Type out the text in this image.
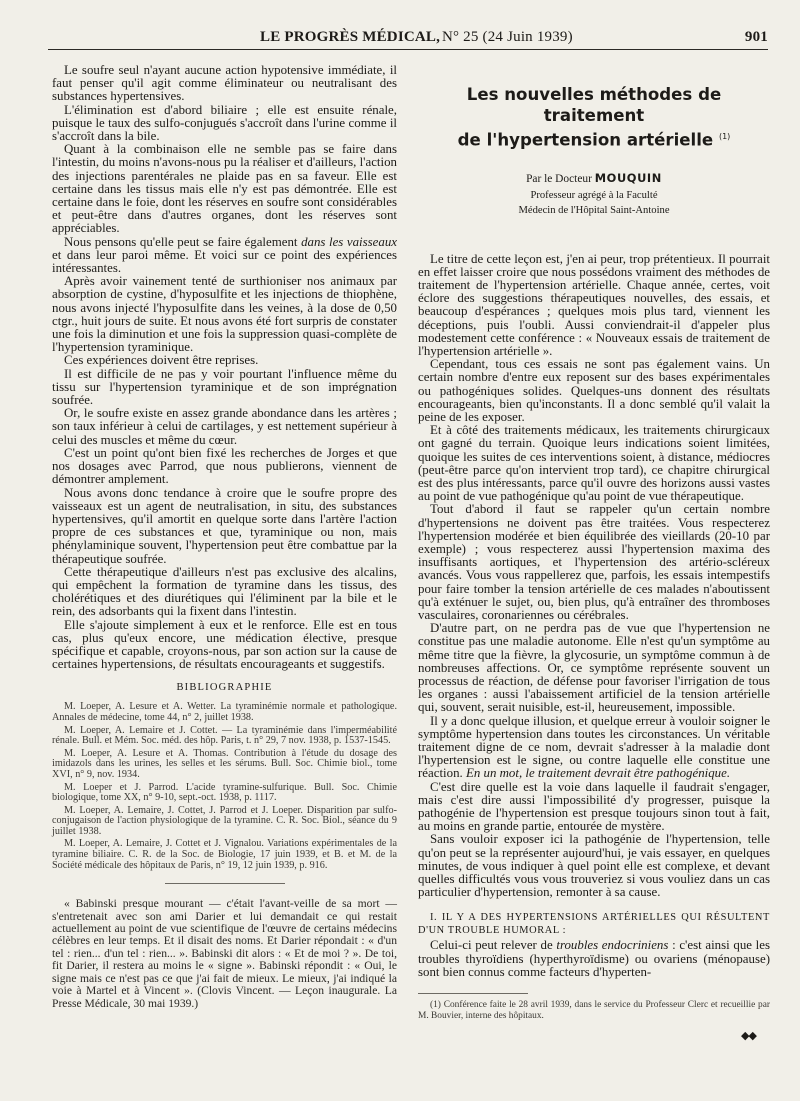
LE PROGRÈS MÉDICAL, N° 25 (24 Juin 1939)	901

Le soufre seul n'ayant aucune action hypotensive immédiate, il faut penser qu'il agit comme éliminateur ou neutralisant des substances hypertensives.

L'élimination est d'abord biliaire ; elle est ensuite rénale, puisque le taux des sulfo-conjugués s'accroît dans l'urine comme il s'accroît dans la bile.

Quant à la combinaison elle ne semble pas se faire dans l'intestin, du moins n'avons-nous pu la réaliser et d'ailleurs, l'action des injections parentérales ne plaide pas en sa faveur. Elle est certaine dans les tissus mais elle n'y est pas démontrée. Elle est certaine dans le foie, dont les réserves en soufre sont considérables et peut-être dans d'autres organes, dont les réserves sont appréciables.

Nous pensons qu'elle peut se faire également dans les vaisseaux et dans leur paroi même. Et voici sur ce point des expériences intéressantes.

Après avoir vainement tenté de surthioniser nos animaux par absorption de cystine, d'hyposulfite et les injections de thiophène, nous avons injecté l'hyposulfite dans les veines, à la dose de 0,50 ctgr., huit jours de suite. Et nous avons été fort surpris de constater une fois la diminution et une fois la suppression quasi-complète de l'hypertension tyraminique.

Ces expériences doivent être reprises.

Il est difficile de ne pas y voir pourtant l'influence même du tissu sur l'hypertension tyraminique et de son imprégnation soufrée.

Or, le soufre existe en assez grande abondance dans les artères ; son taux inférieur à celui de cartilages, y est nettement supérieur à celui des muscles et même du cœur.

C'est un point qu'ont bien fixé les recherches de Jorges et que nos dosages avec Parrod, que nous publierons, viennent de démontrer amplement.

Nous avons donc tendance à croire que le soufre propre des vaisseaux est un agent de neutralisation, in situ, des substances hypertensives, qu'il amortit en quelque sorte dans l'artère l'action propre de ces substances et que, tyraminique ou non, mais phénylaminique souvent, l'hypertension peut être combattue par la thérapeutique soufrée.

Cette thérapeutique d'ailleurs n'est pas exclusive des alcalins, qui empêchent la formation de tyramine dans les tissus, des cholérétiques et des diurétiques qui l'éliminent par la bile et le rein, des adsorbants qui la fixent dans l'intestin.

Elle s'ajoute simplement à eux et le renforce. Elle est en tous cas, plus qu'eux encore, une médication élective, presque spécifique et capable, croyons-nous, par son action sur la cause de certaines hypertensions, de résultats encourageants et suggestifs.

BIBLIOGRAPHIE

M. Loeper, A. Lesure et A. Wetter. La tyraminémie normale et pathologique. Annales de médecine, tome 44, n° 2, juillet 1938.

M. Loeper, A. Lemaire et J. Cottet. — La tyraminémie dans l'imperméabilité rénale. Bull. et Mém. Soc. méd. des hôp. Paris, t. n° 29, 7 nov. 1938, p. 1537-1545.

M. Loeper, A. Lesure et A. Thomas. Contribution à l'étude du dosage des imidazols dans les urines, les selles et les sérums. Bull. Soc. Chimie biol., tome XVI, n° 9, nov. 1934.

M. Loeper et J. Parrod. L'acide tyramine-sulfurique. Bull. Soc. Chimie biologique, tome XX, n° 9-10, sept.-oct. 1938, p. 1117.

M. Loeper, A. Lemaire, J. Cottet, J. Parrod et J. Loeper. Disparition par sulfo-conjugaison de l'action physiologique de la tyramine. C. R. Soc. Biol., séance du 9 juillet 1938.

M. Loeper, A. Lemaire, J. Cottet et J. Vignalou. Variations expérimentales de la tyramine biliaire. C. R. de la Soc. de Biologie, 17 juin 1939, et B. et M. de la Société médicale des hôpitaux de Paris, n° 19, 12 juin 1939, p. 916.

« Babinski presque mourant — c'était l'avant-veille de sa mort — s'entretenait avec son ami Darier et lui demandait ce qui restait actuellement au point de vue scientifique de l'œuvre de certains médecins célèbres en leur temps. Et il disait des noms. Et Darier répondait : « d'un tel : rien... d'un tel : rien... ». Babinski dit alors : « Et de moi ? ». De toi, fit Darier, il restera au moins le « signe ». Babinski répondit : « Oui, le signe mais ce n'est pas ce que j'ai fait de mieux. Le mieux, j'ai indiqué la voie à Martel et à Vincent ». (Clovis Vincent. — Leçon inaugurale. La Presse Médicale, 30 mai 1939.)

Les nouvelles méthodes de traitement
de l'hypertension artérielle $^{(1)}$
Par le Docteur MOUQUIN
Professeur agrégé à la Faculté
Médecin de l'Hôpital Saint-Antoine

Le titre de cette leçon est, j'en ai peur, trop prétentieux. Il pourrait en effet laisser croire que nous possédons vraiment des méthodes de traitement de l'hypertension artérielle. Chaque année, certes, voit éclore des suggestions thérapeutiques nouvelles, des essais, et beaucoup d'espérances ; quelques mois plus tard, viennent les déceptions, puis l'oubli. Aussi conviendrait-il d'appeler plus modestement cette conférence : « Nouveaux essais de traitement de l'hypertension artérielle ».

Cependant, tous ces essais ne sont pas également vains. Un certain nombre d'entre eux reposent sur des bases expérimentales ou pathogéniques solides. Quelques-uns donnent des résultats encourageants, bien qu'inconstants. Il a donc semblé qu'il valait la peine de les exposer.

Et à côté des traitements médicaux, les traitements chirurgicaux ont gagné du terrain. Quoique leurs indications soient limitées, quoique les suites de ces interventions soient, à distance, médiocres (peut-être parce qu'on intervient trop tard), ce chapitre chirurgical est des plus intéressants, parce qu'il ouvre des horizons aussi vastes au point de vue pathogénique qu'au point de vue thérapeutique.

Tout d'abord il faut se rappeler qu'un certain nombre d'hypertensions ne doivent pas être traitées. Vous respecterez l'hypertension modérée et bien équilibrée des vieillards (20-10 par exemple) ; vous respecterez aussi l'hypertension maxima des insuffisants aortiques, et l'hypertension des artério-scléreux avancés. Vous vous rappellerez que, parfois, les essais intempestifs pour faire tomber la tension artérielle de ces malades n'aboutissent qu'à exténuer le sujet, ou, bien plus, qu'à entraîner des thromboses vasculaires, coronariennes ou cérébrales.

D'autre part, on ne perdra pas de vue que l'hypertension ne constitue pas une maladie autonome. Elle n'est qu'un symptôme au même titre que la fièvre, la glycosurie, un symptôme commun à de nombreuses affections. Or, ce symptôme représente souvent un processus de réaction, de défense pour favoriser l'irrigation de tous les organes : aussi l'abaissement artificiel de la tension artérielle qui, souvent, serait nuisible, est-il, heureusement, impossible.

Il y a donc quelque illusion, et quelque erreur à vouloir soigner le symptôme hypertension dans toutes les circonstances. Un véritable traitement digne de ce nom, devrait s'adresser à la maladie dont l'hypertension est le signe, ou contre laquelle elle constitue une réaction. En un mot, le traitement devrait être pathogénique.

C'est dire quelle est la voie dans laquelle il faudrait s'engager, mais c'est dire aussi l'impossibilité d'y progresser, puisque la pathogénie de l'hypertension est presque toujours sinon tout à fait, au moins en grande partie, entourée de mystère.

Sans vouloir exposer ici la pathogénie de l'hypertension, telle qu'on peut se la représenter aujourd'hui, je vais essayer, en quelques minutes, de vous indiquer à quel point elle est complexe, et devant quelles difficultés vous vous trouveriez si vous vouliez dans un cas particulier d'hypertension, remonter à sa cause.

I. IL Y A DES HYPERTENSIONS ARTÉRIELLES QUI RÉSULTENT D'UN TROUBLE HUMORAL :

Celui-ci peut relever de troubles endocriniens : c'est ainsi que les troubles thyroïdiens (hyperthyroïdisme) ou ovariens (ménopause) sont bien connus comme facteurs d'hyperten-

(1) Conférence faite le 28 avril 1939, dans le service du Professeur Clerc et recueillie par M. Bouvier, interne des hôpitaux.

◆◆
